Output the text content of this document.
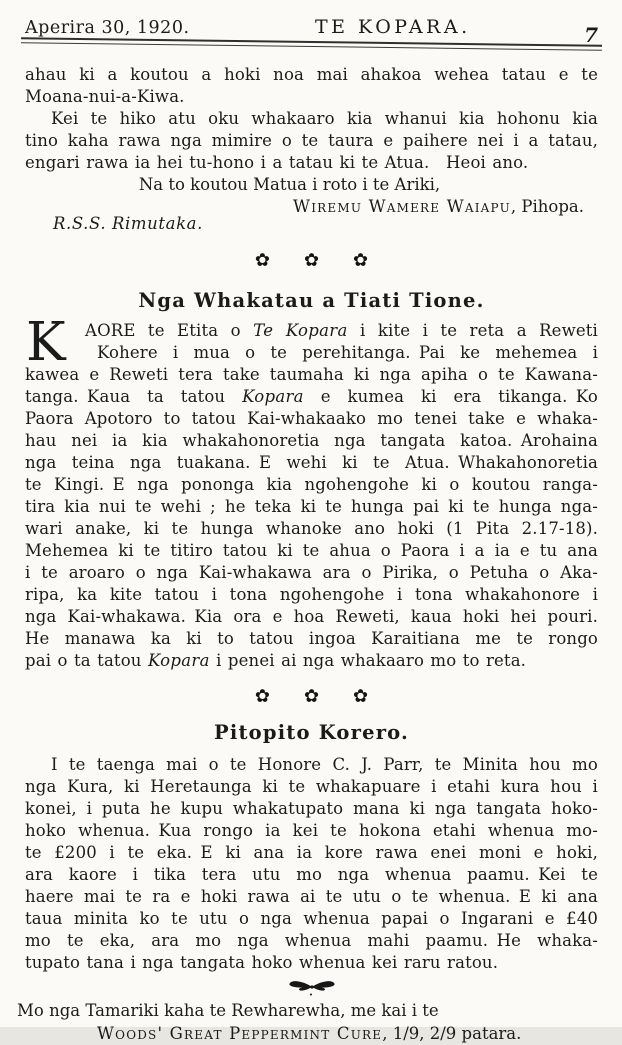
Aperira 30, 1920.	TE KOPARA.	7
ahau ki a koutou a hoki noa mai ahakoa wehea tatau e te
Moana-nui-a-Kiwa.
Kei te hiko atu oku whakaaro kia whanui kia hohonu kia
tino kaha rawa nga mimire o te taura e paihere nei i a tatau,
engari rawa ia hei tu-hono i a tatau ki te Atua. Heoi ano.
Na to koutou Matua i roto i te Ariki,
Wiremu Wamere Waiapu, Pihopa.
R.S.S. Rimutaka.
✿ ✿ ✿
Nga Whakatau a Tiati Tione.
K	AORE te Etita o Te Kopara i kite i te reta a Reweti
Kohere i mua o te perehitanga. Pai ke mehemea i
kawea e Reweti tera take taumaha ki nga apiha o te Kawana-
tanga. Kaua ta tatou Kopara e kumea ki era tikanga. Ko
Paora Apotoro to tatou Kai-whakaako mo tenei take e whaka-
hau nei ia kia whakahonoretia nga tangata katoa. Arohaina
nga teina nga tuakana. E wehi ki te Atua. Whakahonoretia
te Kingi. E nga pononga kia ngohengohe ki o koutou ranga-
tira kia nui te wehi ; he teka ki te hunga pai ki te hunga nga-
wari anake, ki te hunga whanoke ano hoki (1 Pita 2.17-18).
Mehemea ki te titiro tatou ki te ahua o Paora i a ia e tu ana
i te aroaro o nga Kai-whakawa ara o Pirika, o Petuha o Aka-
ripa, ka kite tatou i tona ngohengohe i tona whakahonore i
nga Kai-whakawa. Kia ora e hoa Reweti, kaua hoki hei pouri.
He manawa ka ki to tatou ingoa Karaitiana me te rongo
pai o ta tatou Kopara i penei ai nga whakaaro mo to reta.
✿ ✿ ✿
Pitopito Korero.
I te taenga mai o te Honore C. J. Parr, te Minita hou mo
nga Kura, ki Heretaunga ki te whakapuare i etahi kura hou i
konei, i puta he kupu whakatupato mana ki nga tangata hoko-
hoko whenua. Kua rongo ia kei te hokona etahi whenua mo-
te £200 i te eka. E ki ana ia kore rawa enei moni e hoki,
ara kaore i tika tera utu mo nga whenua paamu. Kei te
haere mai te ra e hoki rawa ai te utu o te whenua. E ki ana
taua minita ko te utu o nga whenua papai o Ingarani e £40
mo te eka, ara mo nga whenua mahi paamu. He whaka-
tupato tana i nga tangata hoko whenua kei raru ratou.
Mo nga Tamariki kaha te Rewharewha, me kai i te
Woods' Great Peppermint Cure, 1/9, 2/9 patara.
